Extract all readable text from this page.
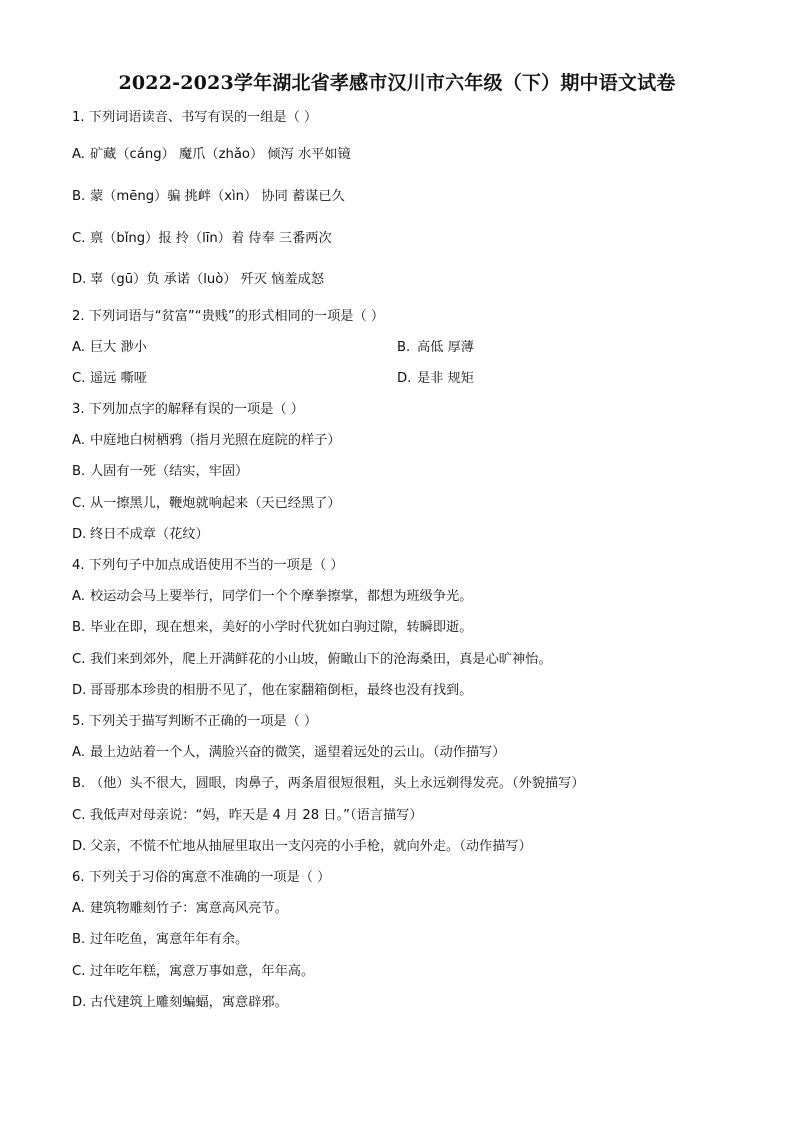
2022-2023学年湖北省孝感市汉川市六年级（下）期中语文试卷
1. 下列词语读音、书写有误的一组是（ ）
A. 矿藏（cáng） 魔爪（zhǎo） 倾泻 水平如镜
B. 蒙（mēng）骗 挑衅（xìn） 协同 蓄谋已久
C. 禀（bǐng）报 拎（līn）着 侍奉 三番两次
D. 辜（gū）负 承诺（luò） 歼灭 恼羞成怒
2. 下列词语与“贫富”“贵贱”的形式相同的一项是（ ）
A. 巨大 渺小	B. 高低 厚薄
C. 遥远 嘶哑	D. 是非 规矩
3. 下列加点字的解释有误的一项是（ ）
A. 中庭地白树栖鸦（指月光照在庭院的样子）
B. 人固有一死（结实，牢固）
C. 从一擦黑儿，鞭炮就响起来（天已经黑了）
D. 终日不成章（花纹）
4. 下列句子中加点成语使用不当的一项是（ ）
A. 校运动会马上要举行，同学们一个个摩拳擦掌，都想为班级争光。
B. 毕业在即，现在想来，美好的小学时代犹如白驹过隙，转瞬即逝。
C. 我们来到郊外，爬上开满鲜花的小山坡，俯瞰山下的沧海桑田，真是心旷神怡。
D. 哥哥那本珍贵的相册不见了，他在家翻箱倒柜，最终也没有找到。
5. 下列关于描写判断不正确的一项是（ ）
A. 最上边站着一个人，满脸兴奋的微笑，遥望着远处的云山。（动作描写）
B. （他）头不很大，圆眼，肉鼻子，两条眉很短很粗，头上永远剃得发亮。（外貌描写）
C. 我低声对母亲说：“妈，昨天是 4 月 28 日。”（语言描写）
D. 父亲，不慌不忙地从抽屉里取出一支闪亮的小手枪，就向外走。（动作描写）
6. 下列关于习俗的寓意不准确的一项是（ ）
A. 建筑物雕刻竹子：寓意高风亮节。
B. 过年吃鱼，寓意年年有余。
C. 过年吃年糕，寓意万事如意，年年高。
D. 古代建筑上雕刻蝙蝠，寓意辟邪。
